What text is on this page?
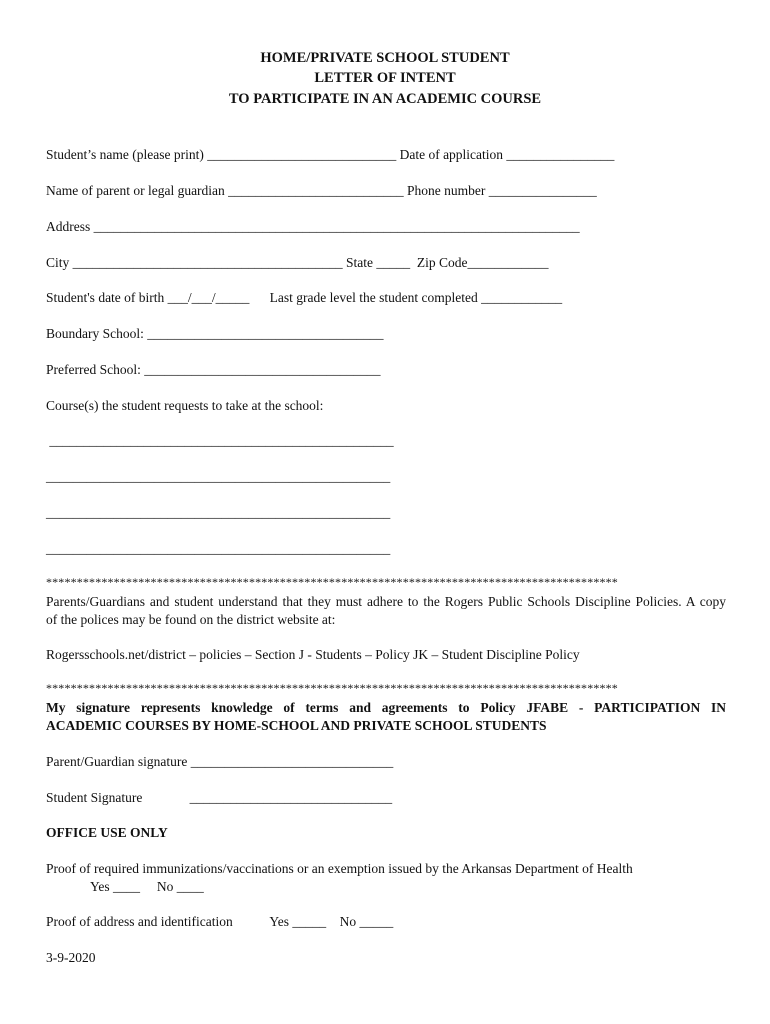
HOME/PRIVATE SCHOOL STUDENT
LETTER OF INTENT
TO PARTICIPATE IN AN ACADEMIC COURSE
Student’s name (please print) ____________________________ Date of application ________________
Name of parent or legal guardian __________________________ Phone number ________________
Address ________________________________________________________________________
City ________________________________________ State _____  Zip Code____________
Student's date of birth ___/___/_____      Last grade level the student completed ____________
Boundary School: ___________________________________
Preferred School: ___________________________________
Course(s) the student requests to take at the school:
___________________________________________________
___________________________________________________
___________________________________________________
___________________________________________________
*********************************************************************************************
Parents/Guardians and student understand that they must adhere to the Rogers Public Schools Discipline Policies. A copy
of the polices may be found on the district website at:
Rogersschools.net/district – policies – Section J - Students – Policy JK – Student Discipline Policy
*********************************************************************************************
My signature represents knowledge of terms and agreements to Policy JFABE - PARTICIPATION IN
ACADEMIC COURSES BY HOME-SCHOOL AND PRIVATE SCHOOL STUDENTS
Parent/Guardian signature ______________________________
Student Signature              ______________________________
OFFICE USE ONLY
Proof of required immunizations/vaccinations or an exemption issued by the Arkansas Department of Health
Yes ____     No ____
Proof of address and identification           Yes _____    No _____
3-9-2020
